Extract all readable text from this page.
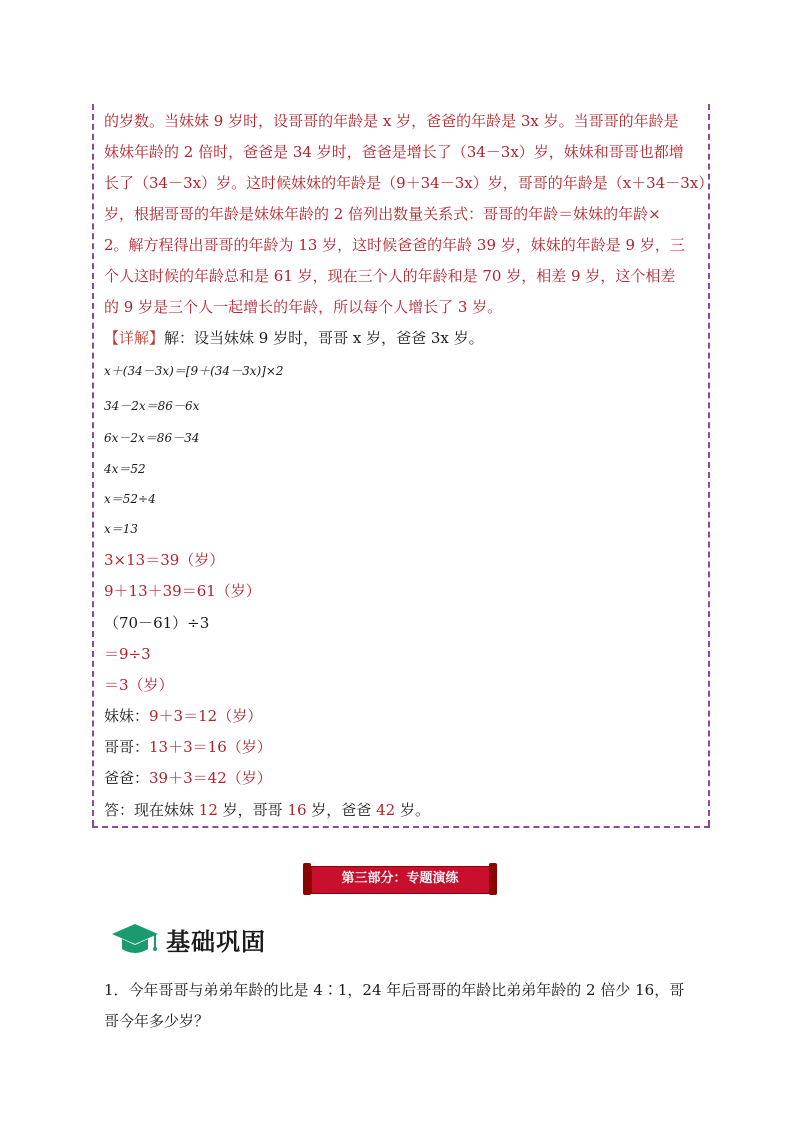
的岁数。当妹妹 9 岁时，设哥哥的年龄是 x 岁，爸爸的年龄是 3x 岁。当哥哥的年龄是
妹妹年龄的 2 倍时，爸爸是 34 岁时，爸爸是增长了（34－3x）岁，妹妹和哥哥也都增
长了（34－3x）岁。这时候妹妹的年龄是（9＋34－3x）岁，哥哥的年龄是（x＋34－3x）
岁，根据哥哥的年龄是妹妹年龄的 2 倍列出数量关系式：哥哥的年龄＝妹妹的年龄×
2。解方程得出哥哥的年龄为 13 岁，这时候爸爸的年龄 39 岁，妹妹的年龄是 9 岁，三
个人这时候的年龄总和是 61 岁，现在三个人的年龄和是 70 岁，相差 9 岁，这个相差
的 9 岁是三个人一起增长的年龄，所以每个人增长了 3 岁。
【详解】解：设当妹妹 9 岁时，哥哥 x 岁，爸爸 3x 岁。
x＋(34－3x)＝[9＋(34－3x)]×2
34－2x＝86－6x
6x－2x＝86－34
4x＝52
x＝52÷4
x＝13
3×13＝39（岁）
9＋13＋39＝61（岁）
（70－61）÷3
＝9÷3
＝3（岁）
妹妹：9＋3＝12（岁）
哥哥：13＋3＝16（岁）
爸爸：39＋3＝42（岁）
答：现在妹妹 12 岁，哥哥 16 岁，爸爸 42 岁。
第三部分：专题演练
基础巩固
1．今年哥哥与弟弟年龄的比是 4∶1，24 年后哥哥的年龄比弟弟年龄的 2 倍少 16，哥
哥今年多少岁？
